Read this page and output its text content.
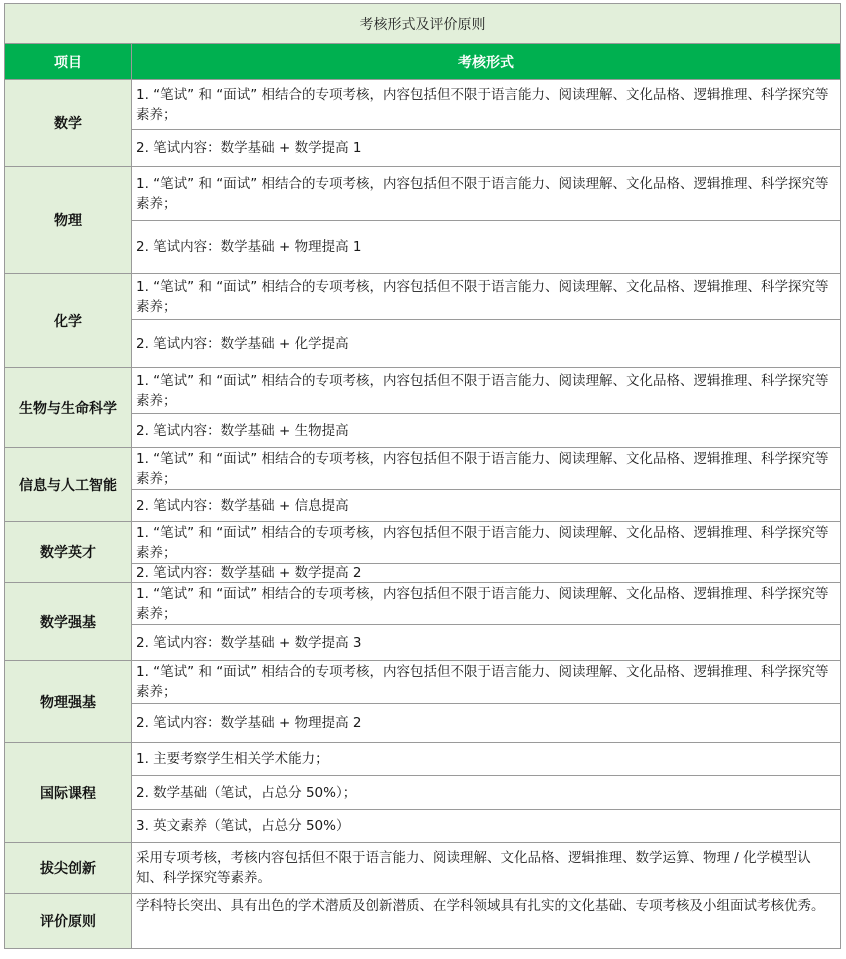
考核形式及评价原则	
项目	考核形式
数学	1. “笔试” 和 “面试” 相结合的专项考核，内容包括但不限于语言能力、阅读理解、文化品格、逻辑推理、科学探究等素养；
	2. 笔试内容：数学基础 + 数学提高 1
物理	1. “笔试” 和 “面试” 相结合的专项考核，内容包括但不限于语言能力、阅读理解、文化品格、逻辑推理、科学探究等素养；
	2. 笔试内容：数学基础 + 物理提高 1
化学	1. “笔试” 和 “面试” 相结合的专项考核，内容包括但不限于语言能力、阅读理解、文化品格、逻辑推理、科学探究等素养；
	2. 笔试内容：数学基础 + 化学提高
生物与生命科学	1. “笔试” 和 “面试” 相结合的专项考核，内容包括但不限于语言能力、阅读理解、文化品格、逻辑推理、科学探究等素养；
	2. 笔试内容：数学基础 + 生物提高
信息与人工智能	1. “笔试” 和 “面试” 相结合的专项考核，内容包括但不限于语言能力、阅读理解、文化品格、逻辑推理、科学探究等素养；
	2. 笔试内容：数学基础 + 信息提高
数学英才	1. “笔试” 和 “面试” 相结合的专项考核，内容包括但不限于语言能力、阅读理解、文化品格、逻辑推理、科学探究等素养；
	2. 笔试内容：数学基础 + 数学提高 2
数学强基	1. “笔试” 和 “面试” 相结合的专项考核，内容包括但不限于语言能力、阅读理解、文化品格、逻辑推理、科学探究等素养；
	2. 笔试内容：数学基础 + 数学提高 3
物理强基	1. “笔试” 和 “面试” 相结合的专项考核，内容包括但不限于语言能力、阅读理解、文化品格、逻辑推理、科学探究等素养；
	2. 笔试内容：数学基础 + 物理提高 2
国际课程	1. 主要考察学生相关学术能力；
	2. 数学基础（笔试，占总分 50%）；
	3. 英文素养（笔试，占总分 50%）
拔尖创新	采用专项考核，考核内容包括但不限于语言能力、阅读理解、文化品格、逻辑推理、数学运算、物理 / 化学模型认知、科学探究等素养。
评价原则	学科特长突出、具有出色的学术潜质及创新潜质、在学科领域具有扎实的文化基础、专项考核及小组面试考核优秀。
